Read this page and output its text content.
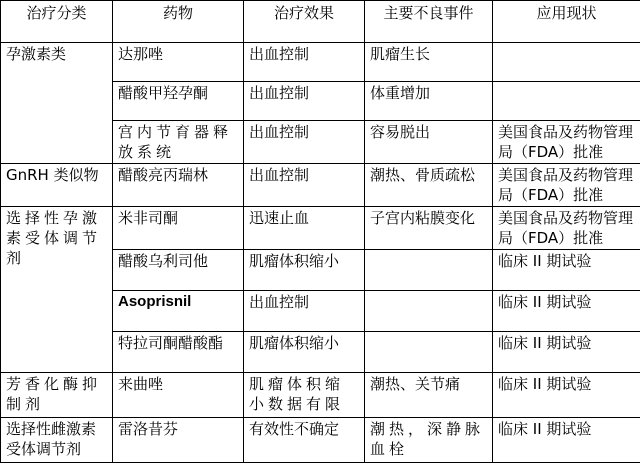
治疗分类	药物	治疗效果	主要不良事件	应用现状
孕激素类	达那唑	出血控制	肌瘤生长	
	醋酸甲羟孕酮	出血控制	体重增加	
	宫内节育器释放系统	出血控制	容易脱出	美国食品及药物管理局（FDA）批准
GnRH 类似物	醋酸亮丙瑞林	出血控制	潮热、骨质疏松	美国食品及药物管理局（FDA）批准
选择性孕激素受体调节剂	米非司酮	迅速止血	子宫内粘膜变化	美国食品及药物管理局（FDA）批准
	醋酸乌利司他	肌瘤体积缩小		临床 II 期试验
	Asoprisnil	出血控制		临床 II 期试验
	特拉司酮醋酸酯	肌瘤体积缩小		临床 II 期试验
芳香化酶抑制剂	来曲唑	肌瘤体积缩小数据有限	潮热、关节痛	临床 II 期试验
选择性雌激素受体调节剂	雷洛昔芬	有效性不确定	潮热，深静脉血栓	临床 II 期试验
